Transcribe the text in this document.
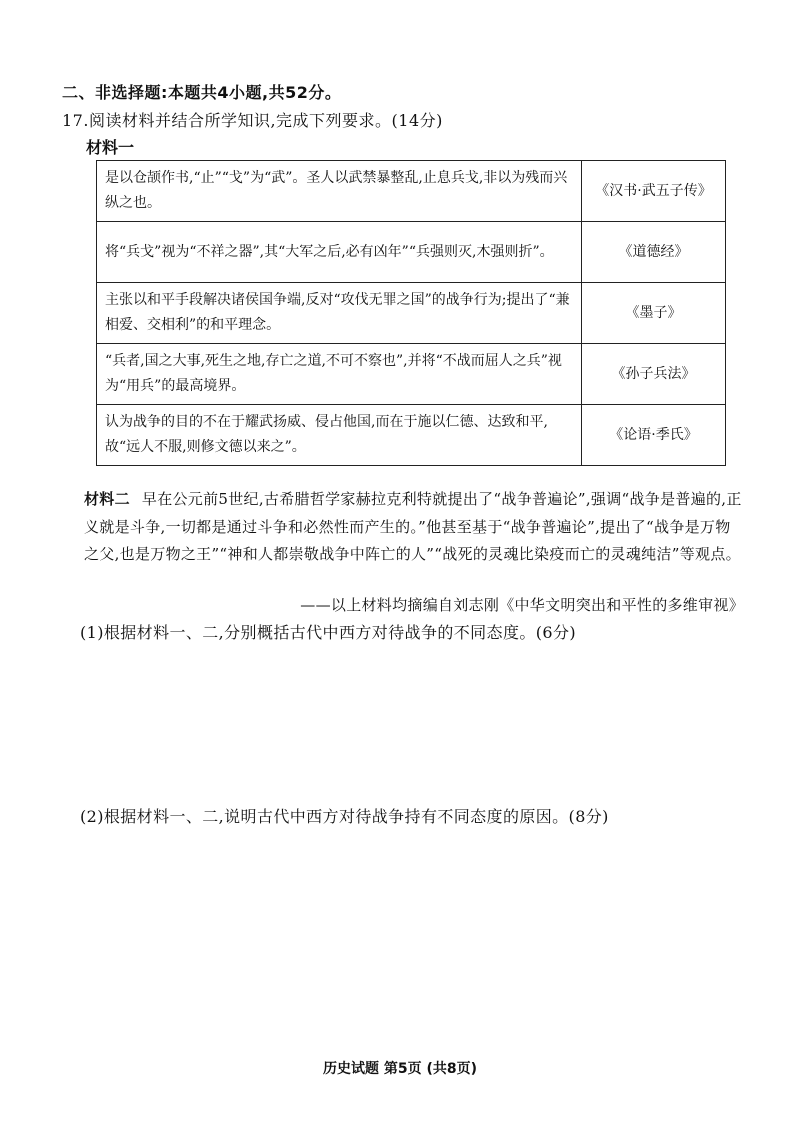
二、非选择题:本题共4小题,共52分。
17.阅读材料并结合所学知识,完成下列要求。(14分)
材料一
是以仓颉作书,“止”“戈”为“武”。圣人以武禁暴整乱,止息兵戈,非以为残而兴纵之也。	《汉书·武五子传》
将“兵戈”视为“不祥之器”,其“大军之后,必有凶年”“兵强则灭,木强则折”。	《道德经》
主张以和平手段解决诸侯国争端,反对“攻伐无罪之国”的战争行为;提出了“兼相爱、交相利”的和平理念。	《墨子》
“兵者,国之大事,死生之地,存亡之道,不可不察也”,并将“不战而屈人之兵”视为“用兵”的最高境界。	《孙子兵法》
认为战争的目的不在于耀武扬威、侵占他国,而在于施以仁德、达致和平,故“远人不服,则修文德以来之”。	《论语·季氏》
材料二 早在公元前5世纪,古希腊哲学家赫拉克利特就提出了“战争普遍论”,强调“战争是普遍的,正义就是斗争,一切都是通过斗争和必然性而产生的。”他甚至基于“战争普遍论”,提出了“战争是万物之父,也是万物之王”“神和人都崇敬战争中阵亡的人”“战死的灵魂比染疫而亡的灵魂纯洁”等观点。
——以上材料均摘编自刘志刚《中华文明突出和平性的多维审视》
(1)根据材料一、二,分别概括古代中西方对待战争的不同态度。(6分)
(2)根据材料一、二,说明古代中西方对待战争持有不同态度的原因。(8分)
历史试题 第5页 (共8页)
